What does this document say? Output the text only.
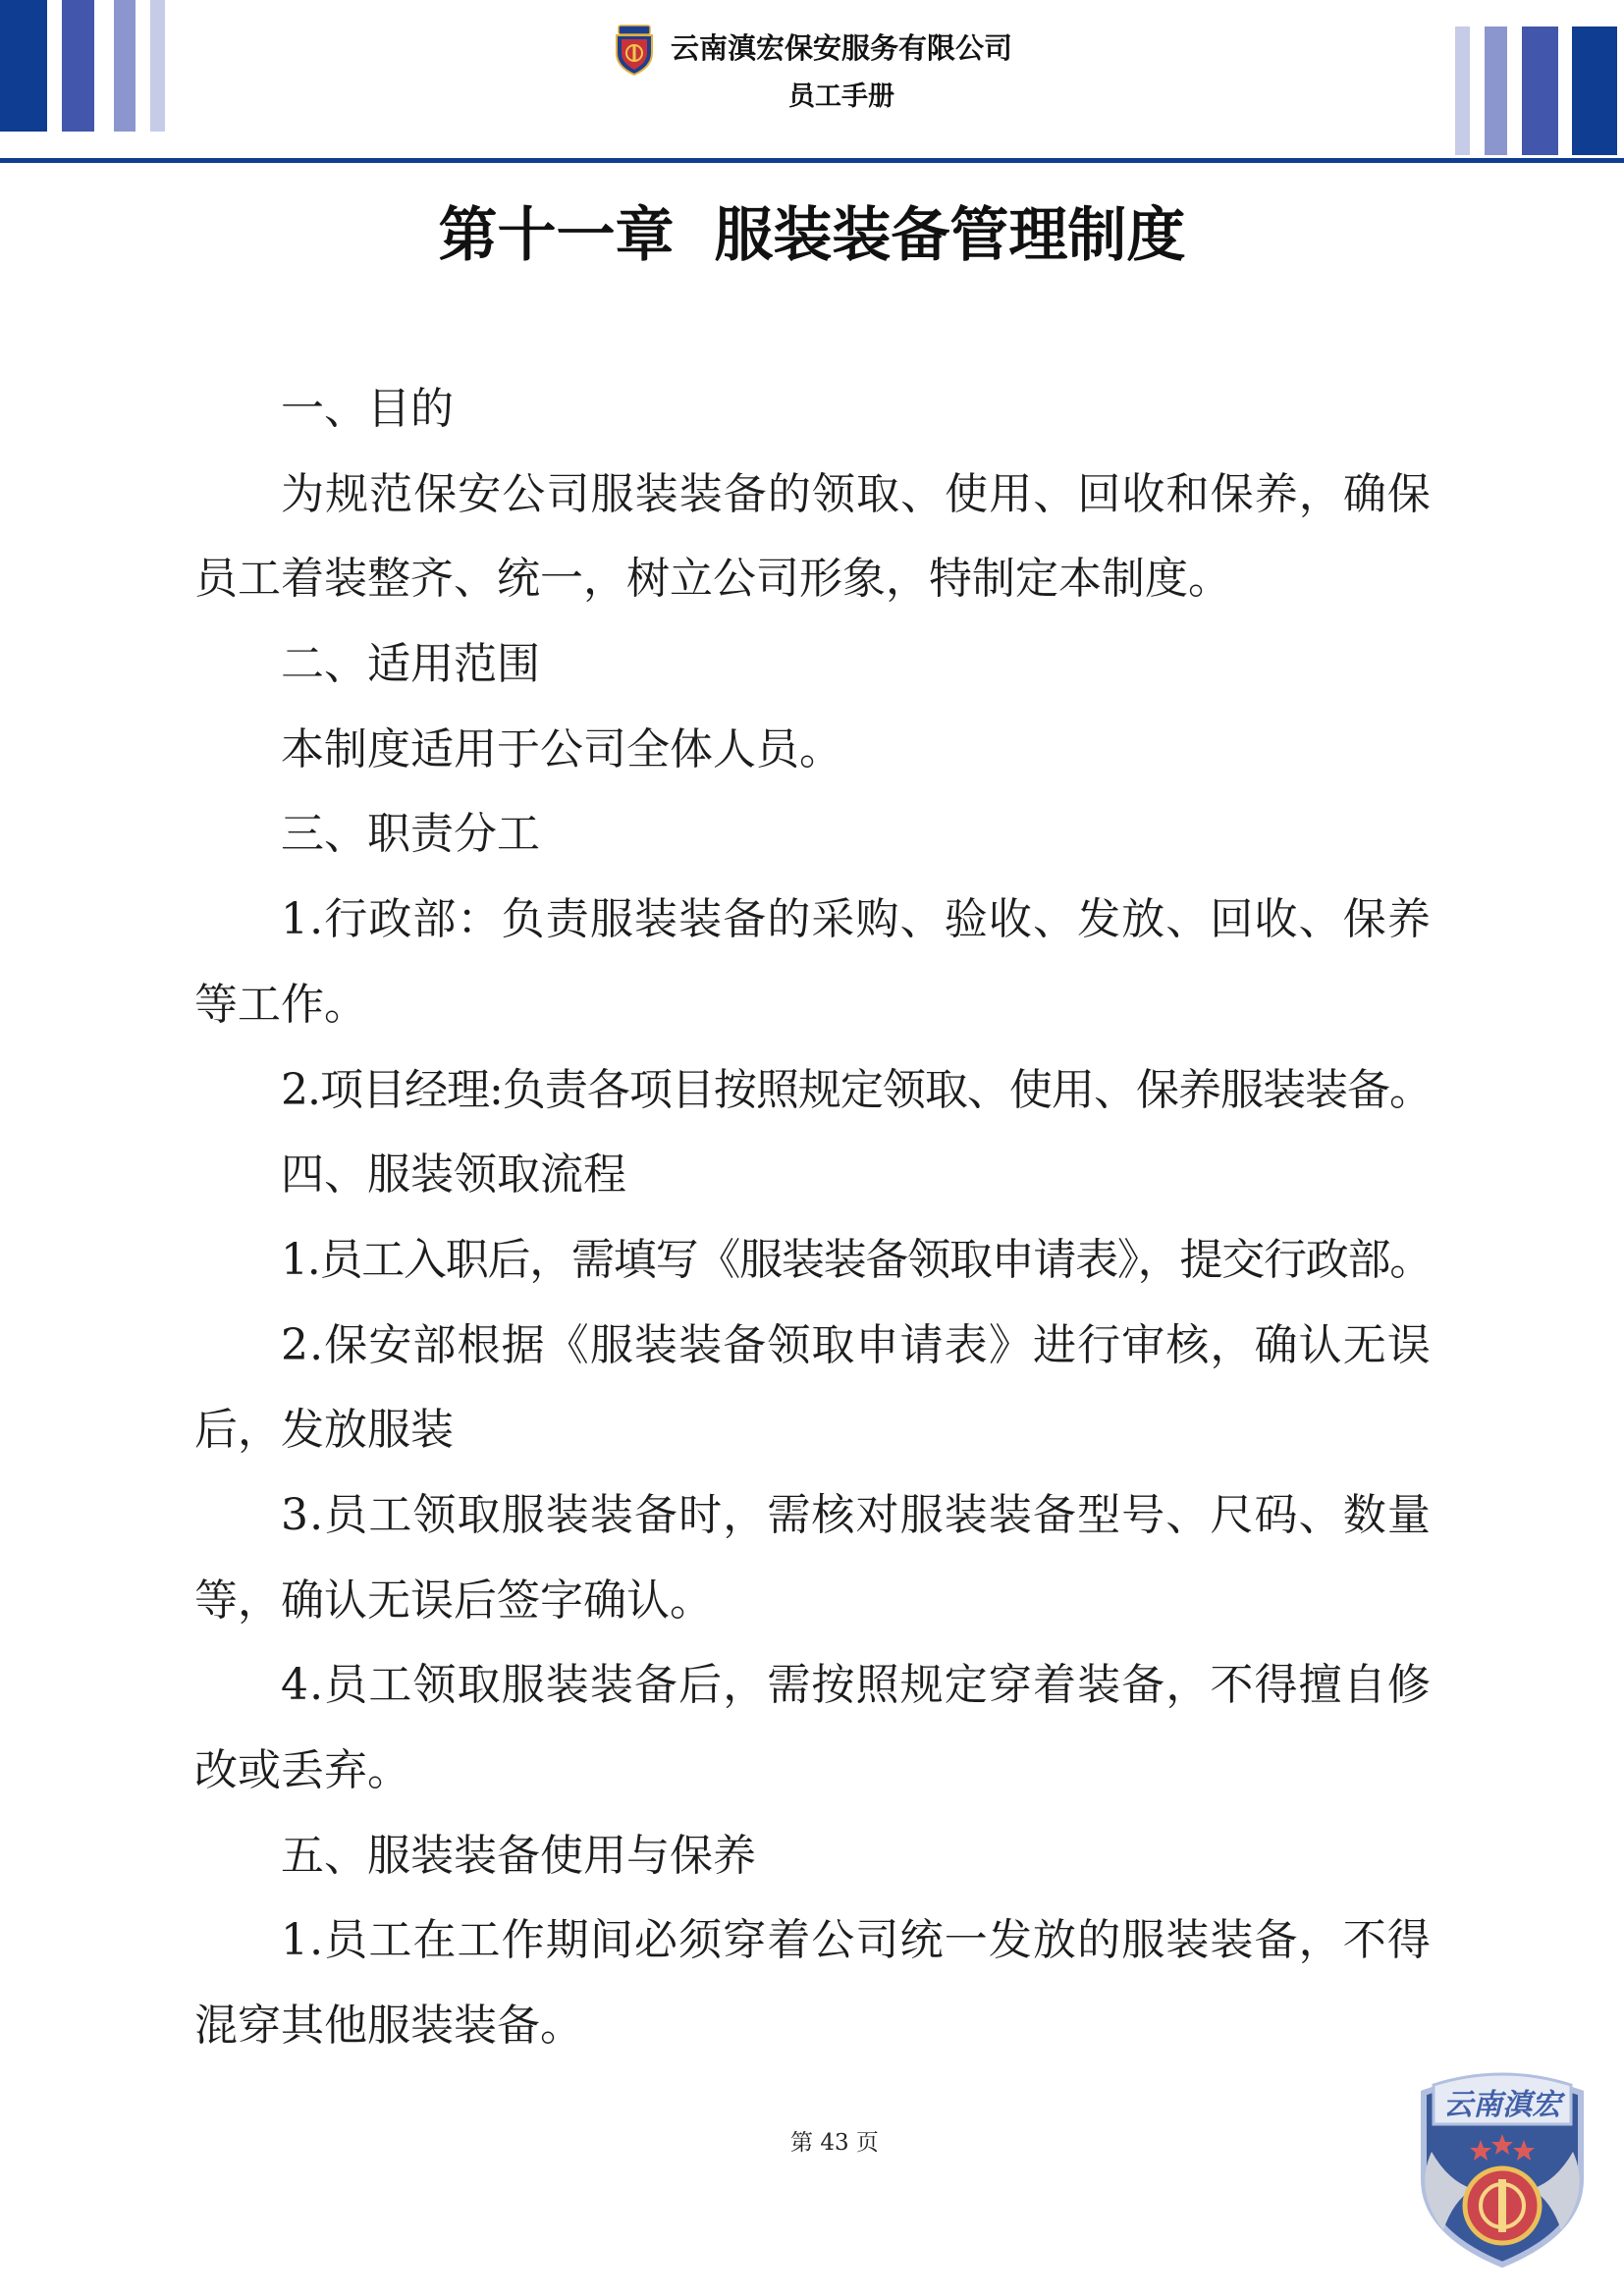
云南滇宏保安服务有限公司
员工手册
第十一章 服装装备管理制度
一、目的
为规范保安公司服装装备的领取、使用、回收和保养，确保
员工着装整齐、统一，树立公司形象，特制定本制度。
二、适用范围
本制度适用于公司全体人员。
三、职责分工
1.行政部：负责服装装备的采购、验收、发放、回收、保养
等工作。
2.项目经理:负责各项目按照规定领取、使用、保养服装装备。
四、服装领取流程
1.员工入职后，需填写《服装装备领取申请表》，提交行政部。
2.保安部根据《服装装备领取申请表》进行审核，确认无误
后，发放服装
3.员工领取服装装备时，需核对服装装备型号、尺码、数量
等，确认无误后签字确认。
4.员工领取服装装备后，需按照规定穿着装备，不得擅自修
改或丢弃。
五、服装装备使用与保养
1.员工在工作期间必须穿着公司统一发放的服装装备，不得
混穿其他服装装备。
第 43 页
云南滇宏
